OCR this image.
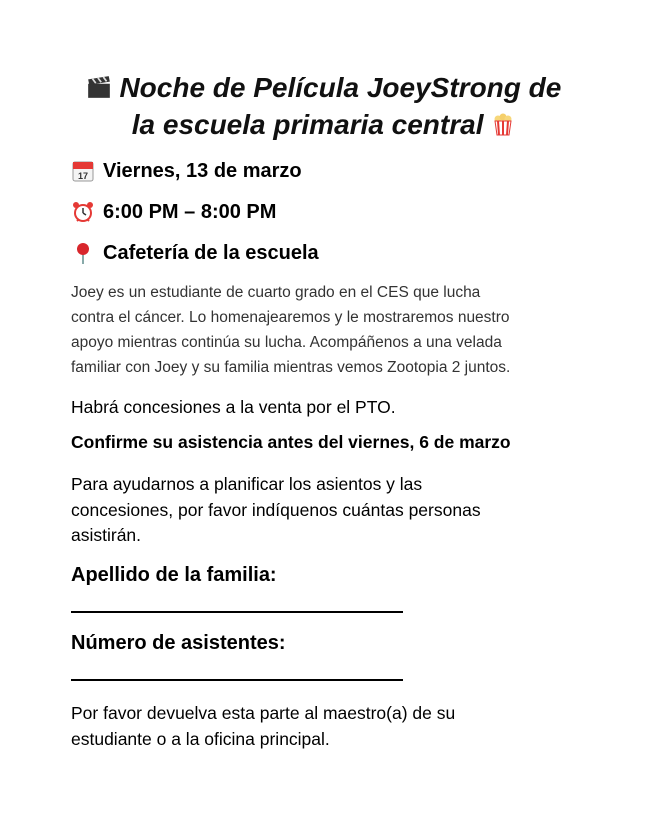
Noche de Película JoeyStrong de
la escuela primaria central
17 Viernes, 13 de marzo
6:00 PM – 8:00 PM
Cafetería de la escuela
Joey es un estudiante de cuarto grado en el CES que lucha
contra el cáncer. Lo homenajearemos y le mostraremos nuestro
apoyo mientras continúa su lucha. Acompáñenos a una velada
familiar con Joey y su familia mientras vemos Zootopia 2 juntos.
Habrá concesiones a la venta por el PTO.
Confirme su asistencia antes del viernes, 6 de marzo
Para ayudarnos a planificar los asientos y las
concesiones, por favor indíquenos cuántas personas
asistirán.
Apellido de la familia:
Número de asistentes:
Por favor devuelva esta parte al maestro(a) de su
estudiante o a la oficina principal.
